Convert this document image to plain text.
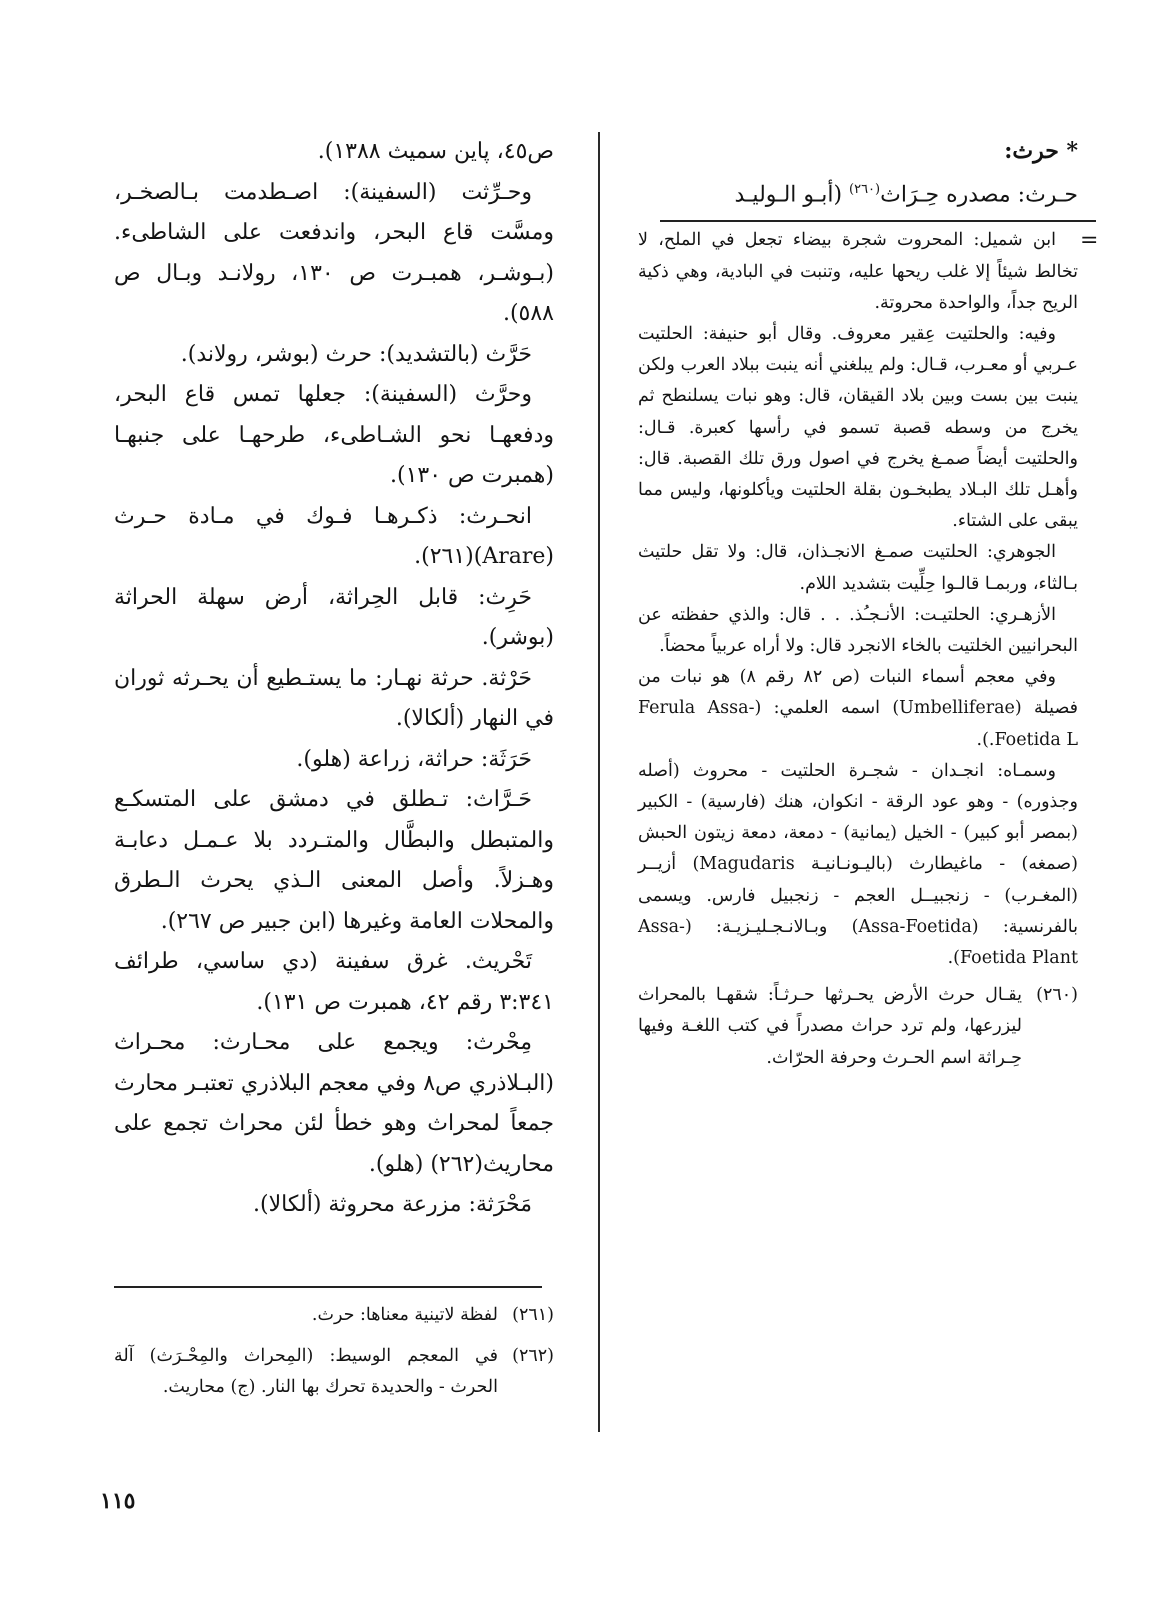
* حرث:
حـرث: مصدره حِـرَاث$^{(٢٦٠)}$ (أبـو الـوليـد

ابن شميل: المحروت شجرة بيضاء تجعل في الملح، لا تخالط شيئاً إلا غلب ريحها عليه، وتنبت في البادية، وهي ذكية الريح جداً، والواحدة محروتة.

وفيه: والحلتيت عِقير معروف. وقال أبو حنيفة: الحلتيت عـربي أو معـرب، قـال: ولم يبلغني أنه ينبت ببلاد العرب ولكن ينبت بين بست وبين بلاد القيقان، قال: وهو نبات يسلنطح ثم يخرج من وسطه قصبة تسمو في رأسها كعبرة. قـال: والحلتيت أيضاً صمـغ يخرج في اصول ورق تلك القصبة. قال: وأهـل تلك البـلاد يطبخـون بقلة الحلتيت ويأكلونها، وليس مما يبقى على الشتاء.

الجوهري: الحلتيت صمـغ الانجـذان، قال: ولا تقل حلتيث بـالثاء، وربمـا قالـوا حِلِّيت بتشديد اللام.

الأزهـري: الحلتيـت: الأنـجـُذ. . . قال: والذي حفظته عن البحرانيين الخلتيت بالخاء الانجرد قال: ولا أراه عربياً محضاً.

وفي معجم أسماء النبات (ص ٨٢ رقم ٨) هو نبات من فصيلة (Umbelliferae) اسمه العلمي: (Ferula Assa-Foetida L.).

وسمـاه: انجـدان - شجـرة الحلتيت - محروث (أصله وجذوره) - وهو عود الرقة - انكوان، هنك (فارسية) - الكبير (بمصر أبو كبير) - الخيل (يمانية) - دمعة، دمعة زيتون الحبش (صمغه) - ماغيطارث (باليـونـانيـة Magudaris) أزيــر (المغـرب) - زنجبيــل العجم - زنجبيل فارس. ويسمى بالفرنسية: (Assa-Foetida) وبـالانـجـليـزيـة: (Assa-Foetida Plant).

(٢٦٠)
يقـال حرث الأرض يحـرثها حـرثـاً: شقهـا بالمحراث ليزرعها، ولم ترد حراث مصدراً في كتب اللغـة وفيها حِـراثة اسم الحـرث وحرفة الحرّاث.
=

ص٤٥، پاين سميث ١٣٨٨).

وحـرِّثت (السفينة): اصـطدمت بـالصخـر، ومسَّت قاع البحر، واندفعت على الشاطىء. (بـوشـر، همبـرت ص ١٣٠، رولانـد وبـال ص ٥٨٨).

حَرَّث (بالتشديد): حرث (بوشر، رولاند).

وحرَّث (السفينة): جعلها تمس قاع البحر، ودفعهـا نحو الشـاطىء، طرحهـا على جنبهـا (همبرت ص ١٣٠).

انحـرث: ذكـرهـا فـوك في مـادة حـرث (Arare)(٢٦١).

حَرِث: قابل الحِراثة، أرض سهلة الحراثة (بوشر).

حَرْثة. حرثة نهـار: ما يستـطيع أن يحـرثه ثوران في النهار (ألكالا).

حَرَثَة: حراثة، زراعة (هلو).

حَـرَّاث: تـطلق في دمشق على المتسكـع والمتبطل والبطَّال والمتـردد بلا عـمـل دعابـة وهـزلاً. وأصل المعنى الـذي يحرث الـطرق والمحلات العامة وغيرها (ابن جبير ص ٢٦٧).

تَحْريث. غرق سفينة (دي ساسي، طرائف ٣:٣٤١ رقم ٤٢، همبرت ص ١٣١).

مِحْرث: ويجمع على محـارث: محـراث (البـلاذري ص٨ وفي معجم البلاذري تعتبـر محارث جمعاً لمحراث وهو خطأ لئن محراث تجمع على محاريث(٢٦٢) (هلو).

مَحْرَثة: مزرعة محروثة (ألكالا).

(٢٦١)
لفظة لاتينية معناها: حرث.
(٢٦٢)
في المعجم الوسيط: (المِحراث والمِحْـرَث) آلة الحرث - والحديدة تحرك بها النار. (ج) محاريث.
١١٥
